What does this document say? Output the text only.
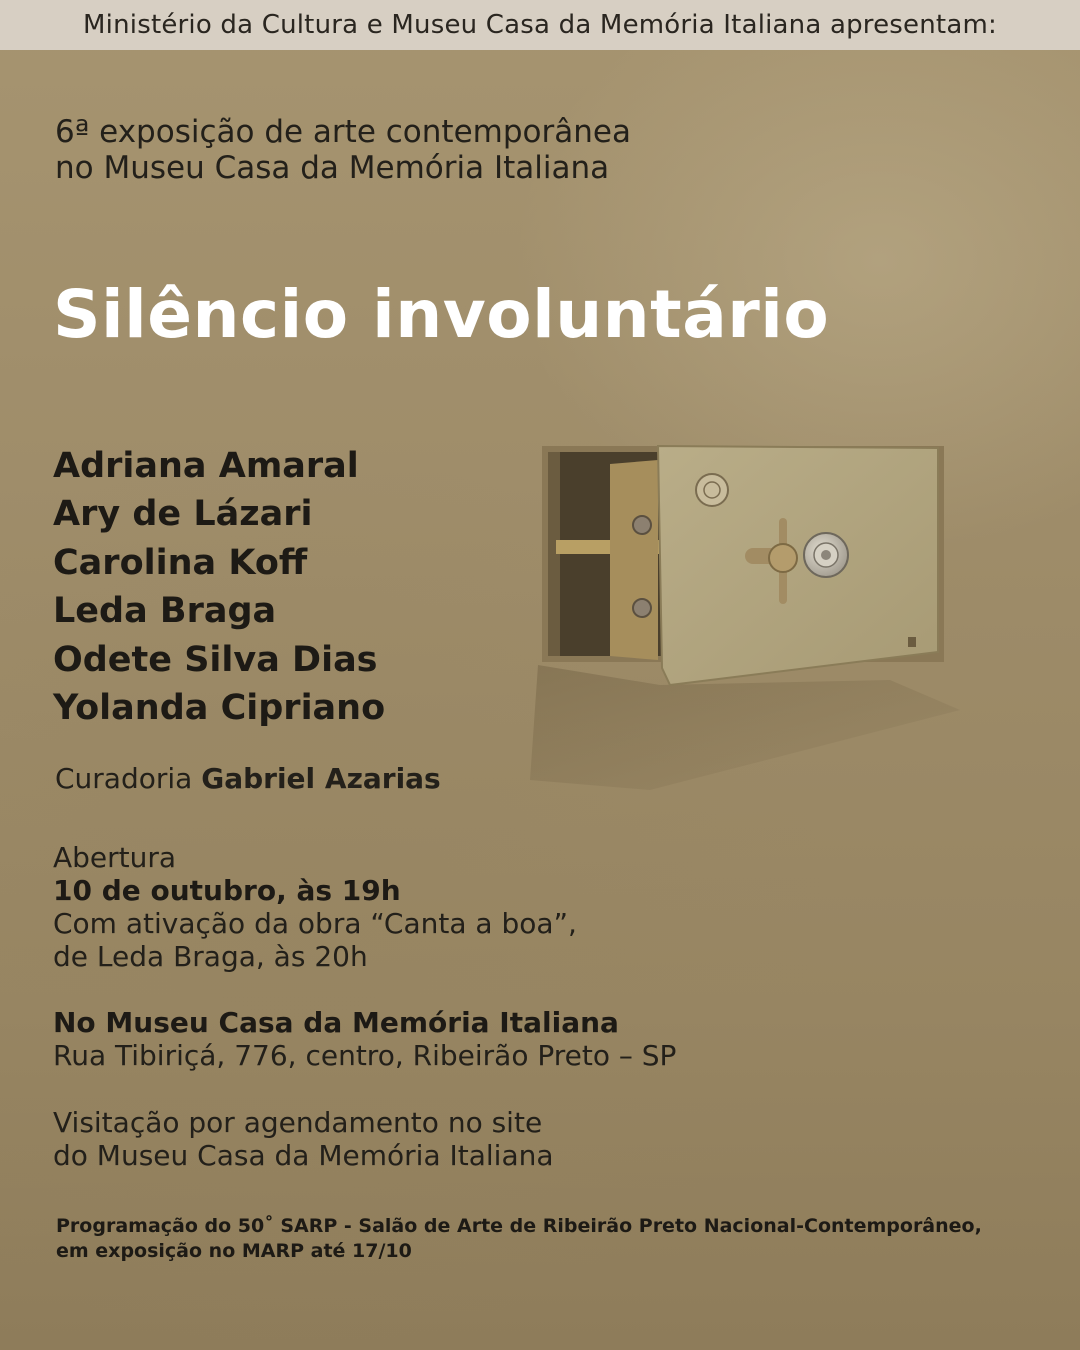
Ministério da Cultura e Museu Casa da Memória Italiana apresentam:
6ª exposição de arte contemporânea
no Museu Casa da Memória Italiana
Silêncio involuntário
Adriana Amaral
Ary de Lázari
Carolina Koff
Leda Braga
Odete Silva Dias
Yolanda Cipriano
Curadoria Gabriel Azarias
Abertura
10 de outubro, às 19h
Com ativação da obra “Canta a boa”,
de Leda Braga, às 20h
No Museu Casa da Memória Italiana
Rua Tibiriçá, 776, centro, Ribeirão Preto – SP
Visitação por agendamento no site
do Museu Casa da Memória Italiana
Programação do 50˚ SARP - Salão de Arte de Ribeirão Preto Nacional-Contemporâneo,
em exposição no MARP até 17/10
